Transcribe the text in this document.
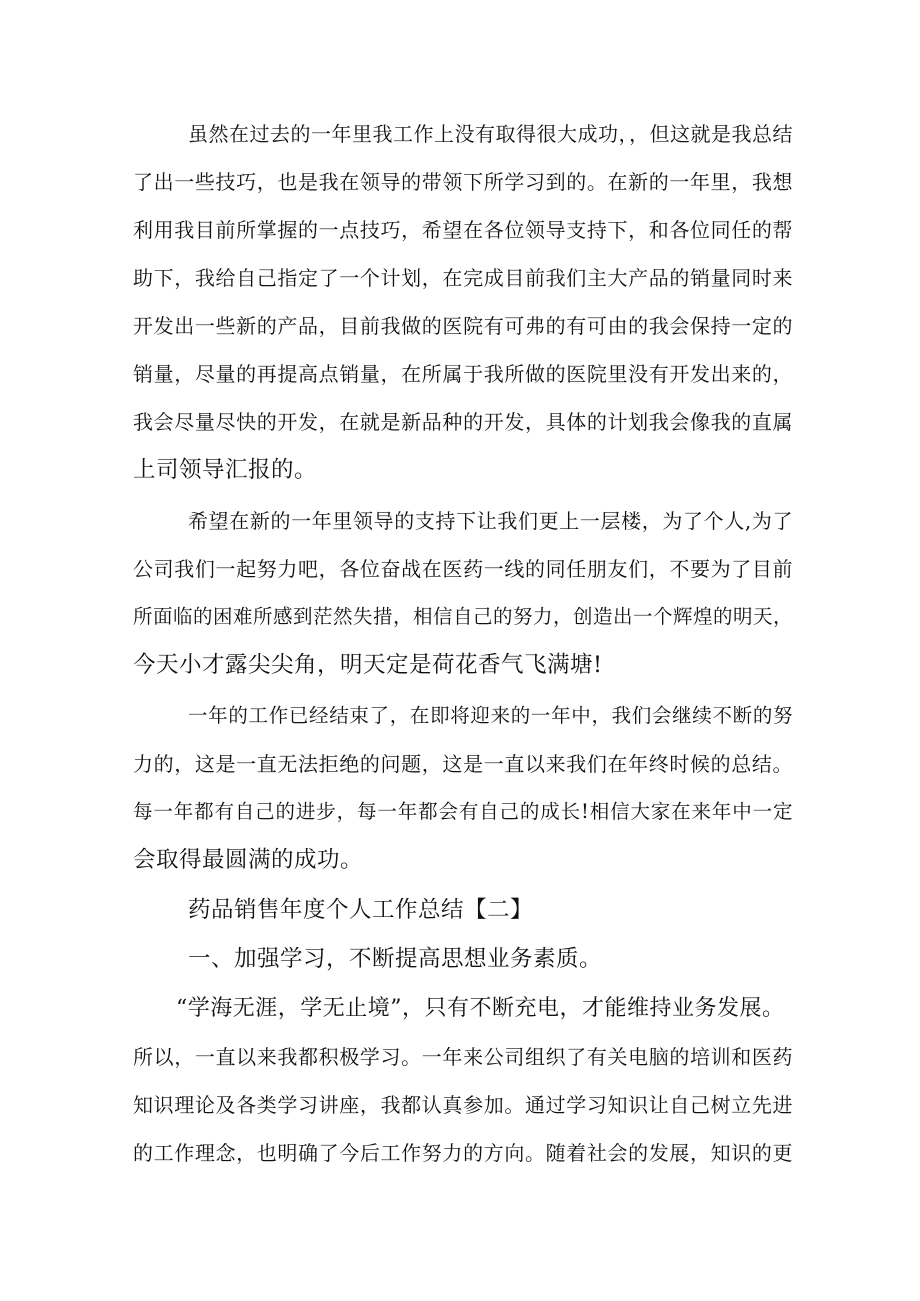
虽然在过去的一年里我工作上没有取得很大成功，，但这就是我总结
了出一些技巧，也是我在领导的带领下所学习到的。在新的一年里，我想
利用我目前所掌握的一点技巧，希望在各位领导支持下，和各位同任的帮
助下，我给自己指定了一个计划，在完成目前我们主大产品的销量同时来
开发出一些新的产品，目前我做的医院有可弗的有可由的我会保持一定的
销量，尽量的再提高点销量，在所属于我所做的医院里没有开发出来的，
我会尽量尽快的开发，在就是新品种的开发，具体的计划我会像我的直属
上司领导汇报的。
希望在新的一年里领导的支持下让我们更上一层楼，为了个人,为了
公司我们一起努力吧，各位奋战在医药一线的同任朋友们，不要为了目前
所面临的困难所感到茫然失措，相信自己的努力，创造出一个辉煌的明天，
今天小才露尖尖角，明天定是荷花香气飞满塘!
一年的工作已经结束了，在即将迎来的一年中，我们会继续不断的努
力的，这是一直无法拒绝的问题，这是一直以来我们在年终时候的总结。
每一年都有自己的进步，每一年都会有自己的成长!相信大家在来年中一定
会取得最圆满的成功。
药品销售年度个人工作总结【二】
一、加强学习，不断提高思想业务素质。
“学海无涯，学无止境”，只有不断充电，才能维持业务发展。
所以，一直以来我都积极学习。一年来公司组织了有关电脑的培训和医药
知识理论及各类学习讲座，我都认真参加。通过学习知识让自己树立先进
的工作理念，也明确了今后工作努力的方向。随着社会的发展，知识的更
